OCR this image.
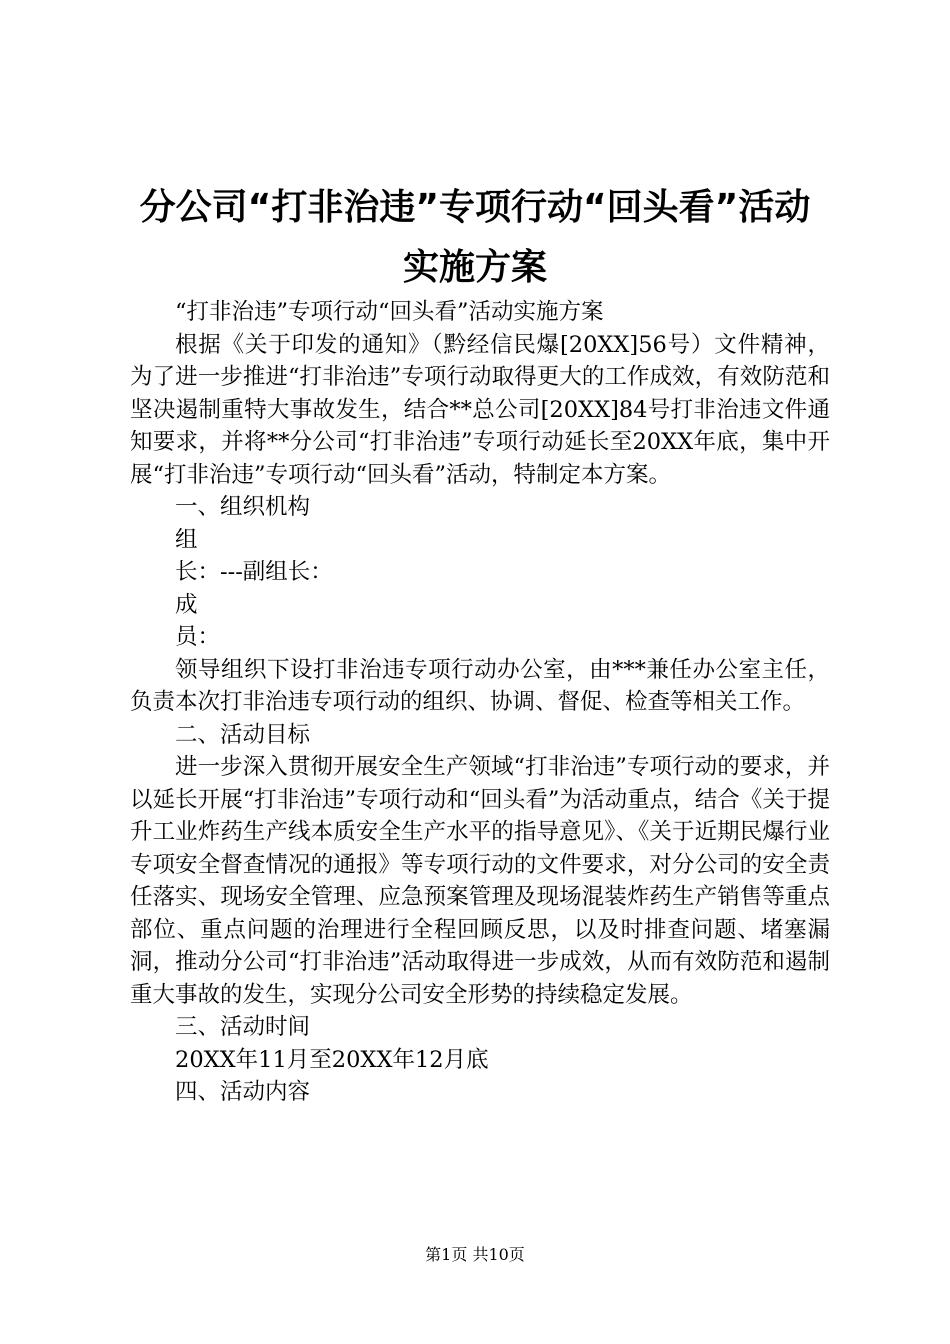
分公司“打非治违”专项行动“回头看”活动
实施方案

“打非治违”专项行动“回头看”活动实施方案

根据《关于印发的通知》（黔经信民爆[20XX]56号）文件精神，为了进一步推进“打非治违”专项行动取得更大的工作成效，有效防范和坚决遏制重特大事故发生，结合**总公司[20XX]84号打非治违文件通知要求，并将**分公司“打非治违”专项行动延长至20XX年底，集中开展“打非治违”专项行动“回头看”活动，特制定本方案。

一、组织机构

组

长：---副组长：

成

员：

领导组织下设打非治违专项行动办公室，由***兼任办公室主任，负责本次打非治违专项行动的组织、协调、督促、检查等相关工作。

二、活动目标

进一步深入贯彻开展安全生产领域“打非治违”专项行动的要求，并以延长开展“打非治违”专项行动和“回头看”为活动重点，结合《关于提升工业炸药生产线本质安全生产水平的指导意见》、《关于近期民爆行业专项安全督查情况的通报》等专项行动的文件要求，对分公司的安全责任落实、现场安全管理、应急预案管理及现场混装炸药生产销售等重点部位、重点问题的治理进行全程回顾反思，以及时排查问题、堵塞漏洞，推动分公司“打非治违”活动取得进一步成效，从而有效防范和遏制重大事故的发生，实现分公司安全形势的持续稳定发展。

三、活动时间

20XX年11月至20XX年12月底

四、活动内容

第1页 共10页
